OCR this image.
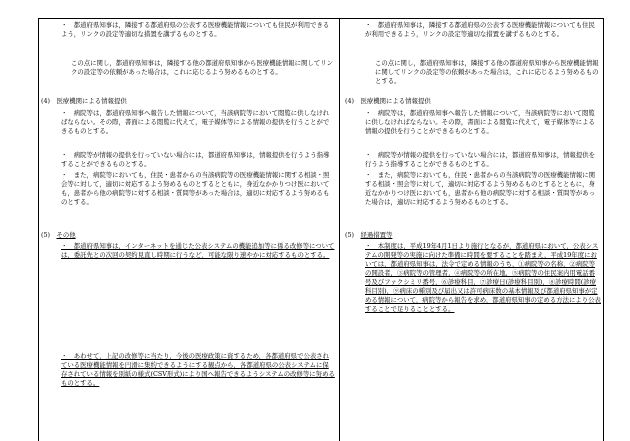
・　都道府県知事は，隣接する都道府県の公表する医療機能情報についても住民が利用できるよう，リンクの設定等適切な措置を講ずるものとする。

この点に関し，都道府県知事は，隣接する他の都道府県知事から医療機能情報に関してリンクの設定等の依頼があった場合は，これに応じるよう努めるものとする。

(4)　医療機関による情報提供

・　病院等は，都道府県知事へ報告した情報について，当該病院等において閲覧に供しなければならない。その際，書面による閲覧に代えて，電子媒体等による情報の提供を行うことができるものとする。

・　病院等が情報の提供を行っていない場合には，都道府県知事は，情報提供を行うよう指導することができるものとする。

・　また，病院等においても，住民・患者からの当該病院等の医療機能情報に関する相談・照会等に対して，適切に対応するよう努めるものとするとともに，身近なかかりつけ医においても，患者から他の病院等に対する相談・質問等があった場合は，適切に対応するよう努めるものとする。

(5)　 その他

・　都道府県知事は，インターネットを通じた公表システムの機能追加等に係る改修等については，委託先との次回の契約見直し時期に行うなど，可能な限り速やかに対応するものとする。

・　あわせて，上記の改修等に当たり，今後の医療政策に資するため，各都道府県で公表されている医療機能情報を円滑に集約できるようにする観点から，各都道府県の公表システムに保存されている情報を別紙の様式(CSV形式)により国へ報告できるようシステムの改修等に努めるものとする。

・　都道府県知事は，隣接する都道府県の公表する医療機能情報についても住民が利用できるよう，リンクの設定等適切な措置を講ずるものとする。

この点に関し，都道府県知事は，隣接する他の都道府県知事から医療機能情報に関してリンクの設定等の依頼があった場合は，これに応じるよう努めるものとする。

(4)　医療機関による情報提供

・　病院等は，都道府県知事へ報告した情報について，当該病院等において閲覧に供しなければならない。その際，書面による閲覧に代えて，電子媒体等による情報の提供を行うことができるものとする。

・　病院等が情報の提供を行っていない場合には，都道府県知事は，情報提供を行うよう指導することができるものとする。

・　また，病院等においても，住民・患者からの当該病院等の医療機能情報に関する相談・照会等に対して，適切に対応するよう努めるものとするとともに，身近なかかりつけ医においても，患者から他の病院等に対する相談・質問等があった場合は，適切に対応するよう努めるものとする。

(5)　 経過措置等

・　本制度は，平成19年4月1日より施行となるが，都道府県において，公表システムの開発等の実施に向けた準備に時間を要することを踏まえ，平成19年度においては，都道府県知事は，法令で定める情報のうち，①病院等の名称，②病院等の開設者，③病院等の管理者，④病院等の所在地，⑤病院等の住民案内用電話番号及びファクシミリ番号，⑥診療科目，⑦診療日(診療科目別)，⑧診療時間(診療科目別)，⑨病床の種別及び届出又は許可病床数の基本情報及び都道府県知事が定める情報について，病院等から報告を求め，都道府県知事の定める方法により公表することで足りることとする。
